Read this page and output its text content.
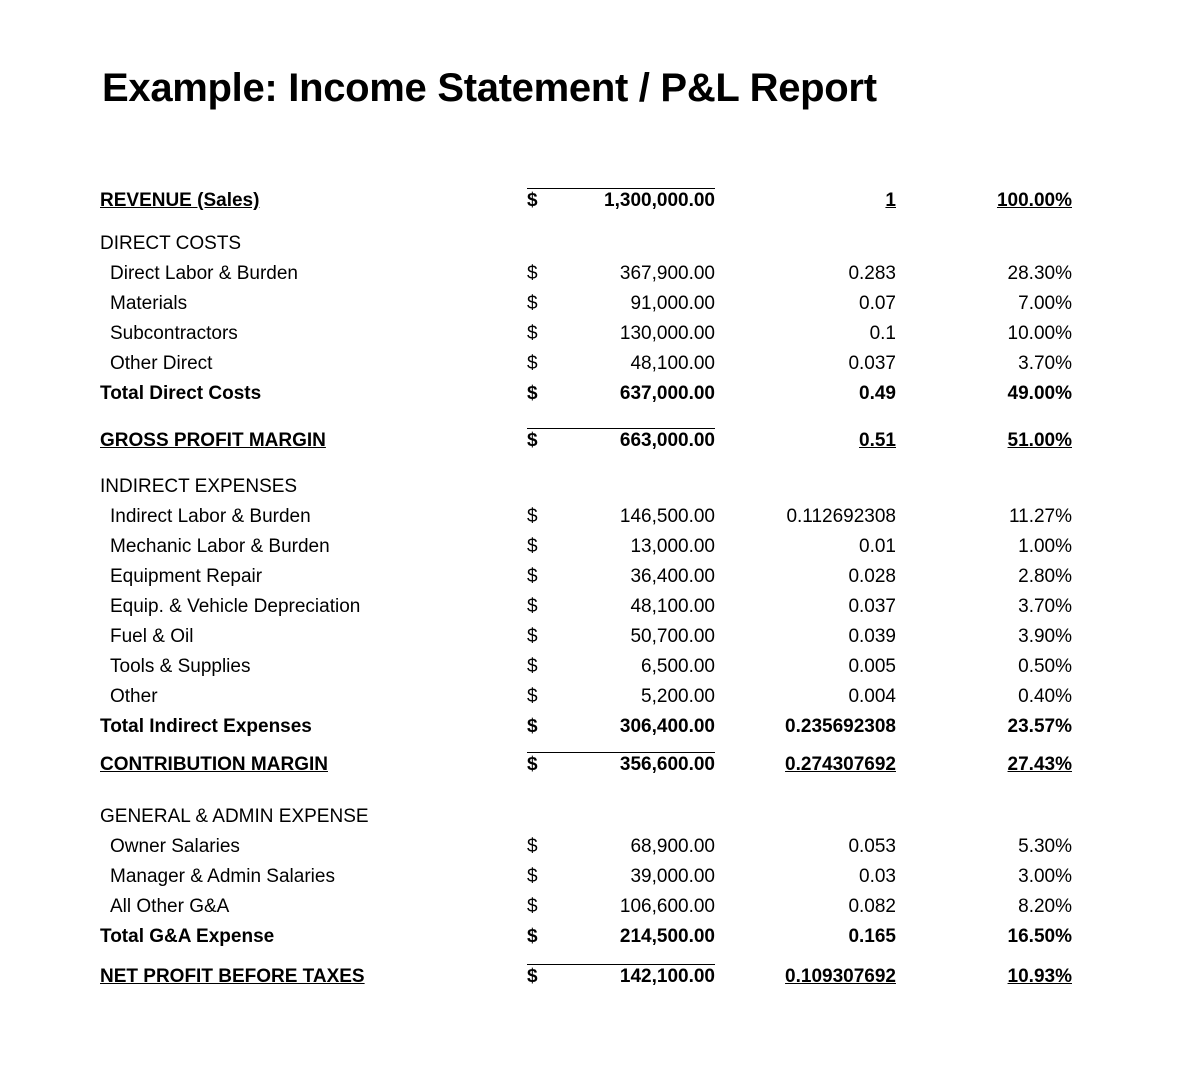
Example: Income Statement / P&L Report
REVENUE (Sales)	$	1,300,000.00	1	100.00%
DIRECT COSTS
Direct Labor & Burden	$	367,900.00	0.283	28.30%
Materials	$	91,000.00	0.07	7.00%
Subcontractors	$	130,000.00	0.1	10.00%
Other Direct	$	48,100.00	0.037	3.70%
Total Direct Costs	$	637,000.00	0.49	49.00%
GROSS PROFIT MARGIN	$	663,000.00	0.51	51.00%
INDIRECT EXPENSES
Indirect Labor & Burden	$	146,500.00	0.112692308	11.27%
Mechanic Labor & Burden	$	13,000.00	0.01	1.00%
Equipment Repair	$	36,400.00	0.028	2.80%
Equip. & Vehicle Depreciation	$	48,100.00	0.037	3.70%
Fuel & Oil	$	50,700.00	0.039	3.90%
Tools & Supplies	$	6,500.00	0.005	0.50%
Other	$	5,200.00	0.004	0.40%
Total Indirect Expenses	$	306,400.00	0.235692308	23.57%
CONTRIBUTION MARGIN	$	356,600.00	0.274307692	27.43%
GENERAL & ADMIN EXPENSE
Owner Salaries	$	68,900.00	0.053	5.30%
Manager & Admin Salaries	$	39,000.00	0.03	3.00%
All Other G&A	$	106,600.00	0.082	8.20%
Total G&A Expense	$	214,500.00	0.165	16.50%
NET PROFIT BEFORE TAXES	$	142,100.00	0.109307692	10.93%
